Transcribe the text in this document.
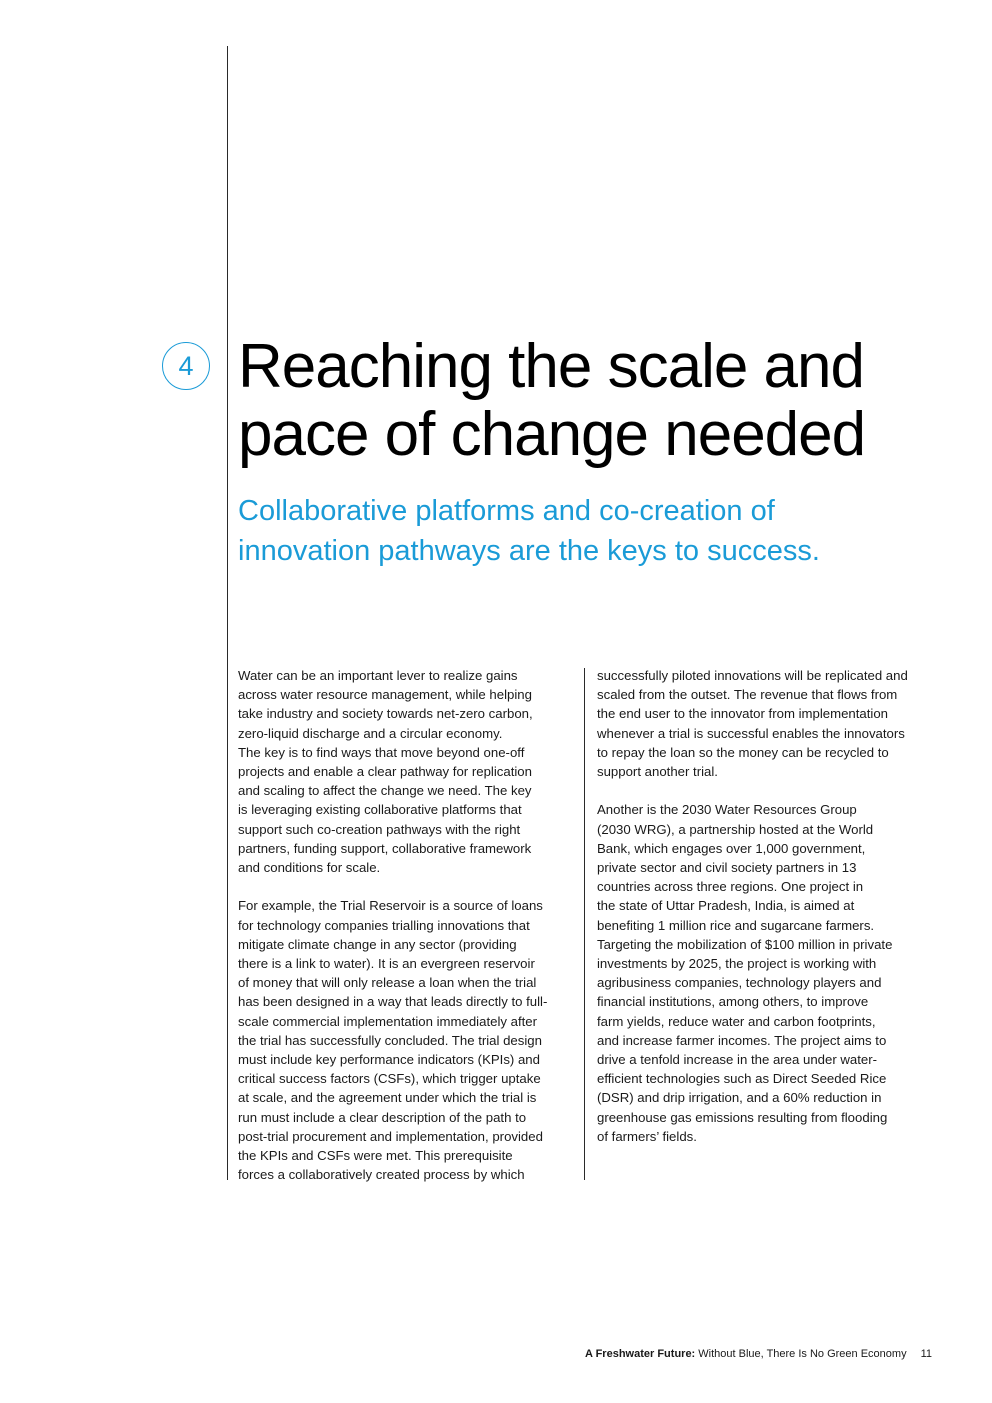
4 Reaching the scale and
pace of change needed
Collaborative platforms and co-creation of
innovation pathways are the keys to success.

Water can be an important lever to realize gains
across water resource management, while helping
take industry and society towards net-zero carbon,
zero-liquid discharge and a circular economy.
The key is to find ways that move beyond one-off
projects and enable a clear pathway for replication
and scaling to affect the change we need. The key
is leveraging existing collaborative platforms that
support such co-creation pathways with the right
partners, funding support, collaborative framework
and conditions for scale.

For example, the Trial Reservoir is a source of loans
for technology companies trialling innovations that
mitigate climate change in any sector (providing
there is a link to water). It is an evergreen reservoir
of money that will only release a loan when the trial
has been designed in a way that leads directly to full-
scale commercial implementation immediately after
the trial has successfully concluded. The trial design
must include key performance indicators (KPIs) and
critical success factors (CSFs), which trigger uptake
at scale, and the agreement under which the trial is
run must include a clear description of the path to
post-trial procurement and implementation, provided
the KPIs and CSFs were met. This prerequisite
forces a collaboratively created process by which

successfully piloted innovations will be replicated and
scaled from the outset. The revenue that flows from
the end user to the innovator from implementation
whenever a trial is successful enables the innovators
to repay the loan so the money can be recycled to
support another trial.

Another is the 2030 Water Resources Group
(2030 WRG), a partnership hosted at the World
Bank, which engages over 1,000 government,
private sector and civil society partners in 13
countries across three regions. One project in
the state of Uttar Pradesh, India, is aimed at
benefiting 1 million rice and sugarcane farmers.
Targeting the mobilization of $100 million in private
investments by 2025, the project is working with
agribusiness companies, technology players and
financial institutions, among others, to improve
farm yields, reduce water and carbon footprints,
and increase farmer incomes. The project aims to
drive a tenfold increase in the area under water-
efficient technologies such as Direct Seeded Rice
(DSR) and drip irrigation, and a 60% reduction in
greenhouse gas emissions resulting from flooding
of farmers’ fields.

A Freshwater Future: Without Blue, There Is No Green Economy 11
